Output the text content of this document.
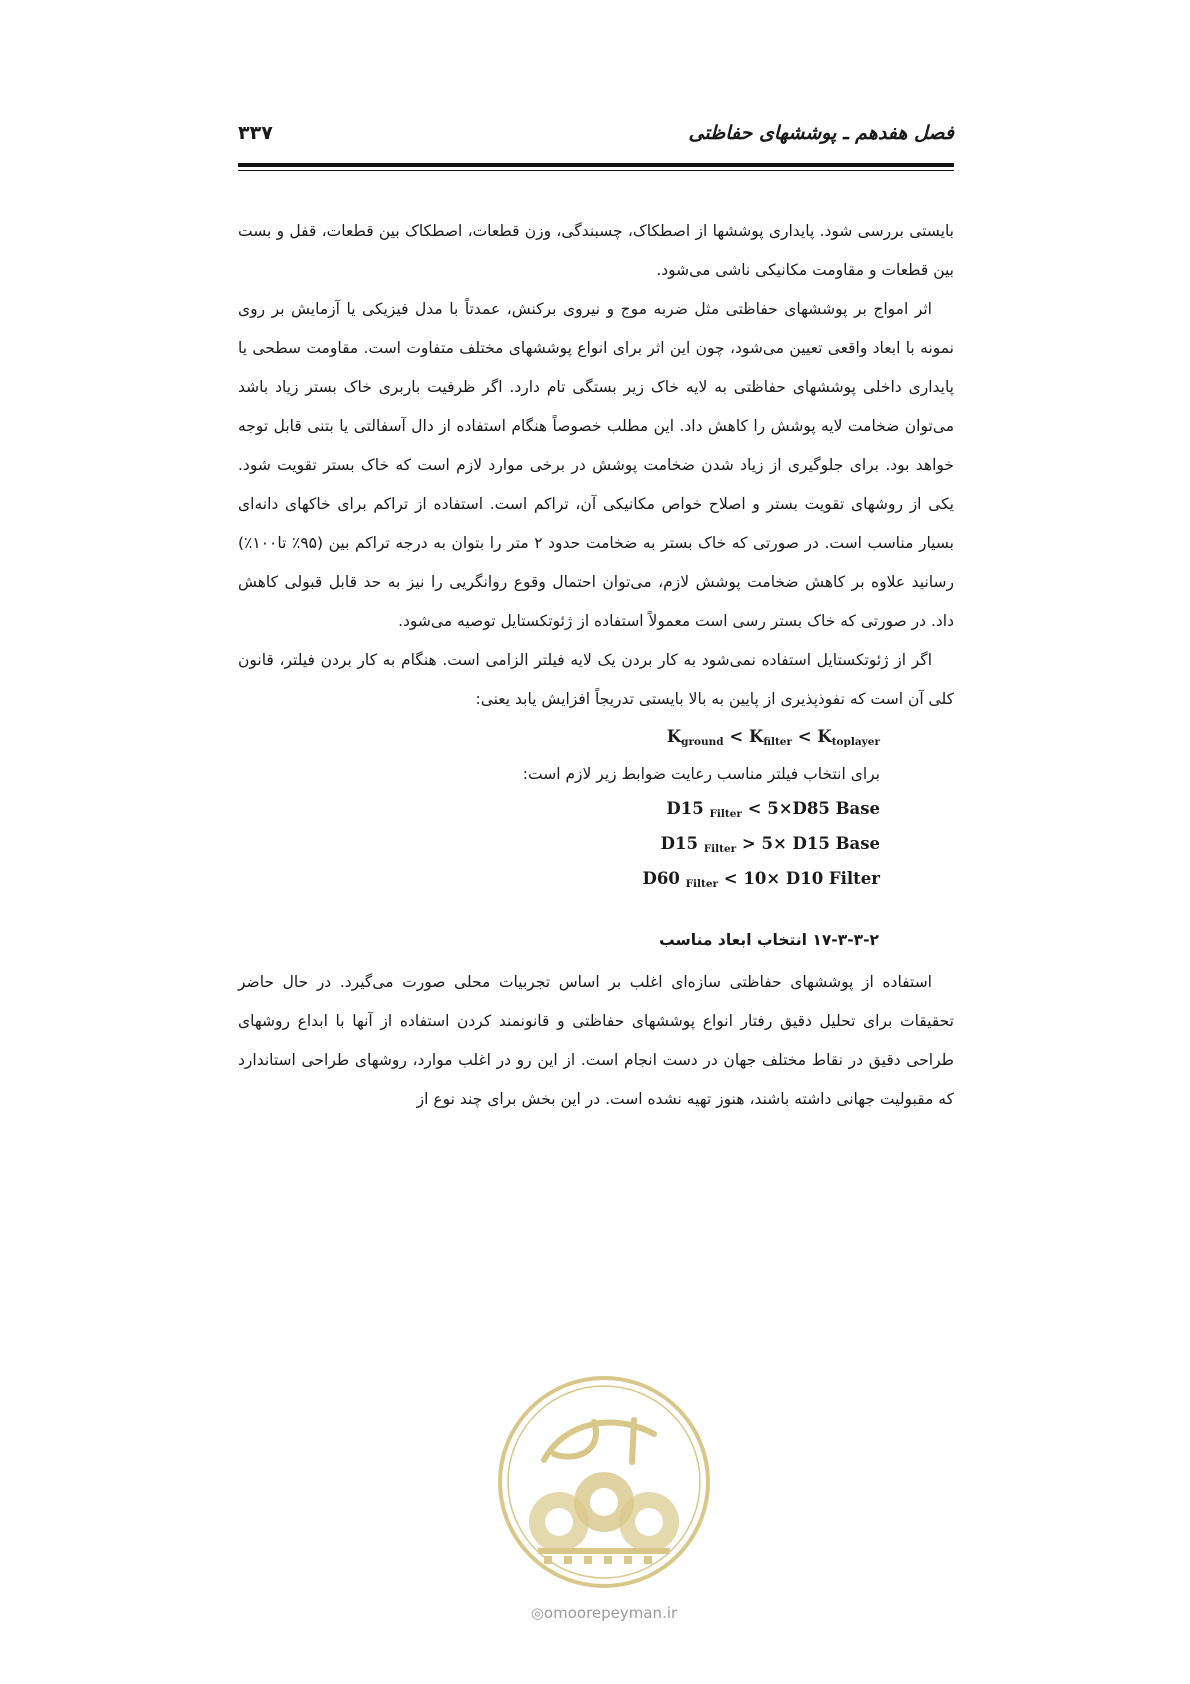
فصل هفدهم ـ پوششهای حفاظتی
۳۳۷

بایستی بررسی شود. پایداری پوششها از اصطکاک، چسبندگی، وزن قطعات، اصطکاک بین قطعات، قفل و بست بین قطعات و مقاومت مکانیکی ناشی می‌شود.

اثر امواج بر پوششهای حفاظتی مثل ضربه موج و نیروی برکنش، عمدتاً با مدل فیزیکی یا آزمایش بر روی نمونه با ابعاد واقعی تعیین می‌شود، چون این اثر برای انواع پوششهای مختلف متفاوت است. مقاومت سطحی یا پایداری داخلی پوششهای حفاظتی به لایه خاک زیر بستگی تام دارد. اگر ظرفیت باربری خاک بستر زیاد باشد می‌توان ضخامت لایه پوشش را کاهش داد. این مطلب خصوصاً هنگام استفاده از دال آسفالتی یا بتنی قابل توجه خواهد بود. برای جلوگیری از زیاد شدن ضخامت پوشش در برخی موارد لازم است که خاک بستر تقویت شود. یکی از روشهای تقویت بستر و اصلاح خواص مکانیکی آن، تراکم است. استفاده از تراکم برای خاکهای دانه‌ای بسیار مناسب است. در صورتی که خاک بستر به ضخامت حدود ۲ متر را بتوان به درجه تراکم بین (۹۵٪ تا۱۰۰٪) رسانید علاوه بر کاهش ضخامت پوشش لازم، می‌توان احتمال وقوع روانگریی را نیز به حد قابل قبولی کاهش داد. در صورتی که خاک بستر رسی است معمولاً استفاده از ژئوتکستایل توصیه می‌شود.

اگر از ژئوتکستایل استفاده نمی‌شود به کار بردن یک لایه فیلتر الزامی است. هنگام به کار بردن فیلتر، قانون کلی آن است که نفوذپذیری از پایین به بالا بایستی تدریجاً افزایش یابد یعنی:

$K_{ground} < K_{filter} < K_{toplayer}$

برای انتخاب فیلتر مناسب رعایت ضوابط زیر لازم است:

D15 $_{Filter}$ < 5×D85 Base
D15 $_{Filter}$ > 5× D15 Base
D60 $_{Filter}$ < 10× D10 Filter
۱۷-۳-۳-۲ انتخاب ابعاد مناسب

استفاده از پوششهای حفاظتی سازه‌ای اغلب بر اساس تجربیات محلی صورت می‌گیرد. در حال حاضر تحقیقات برای تحلیل دقیق رفتار انواع پوششهای حفاظتی و قانونمند کردن استفاده از آنها با ابداع روشهای طراحی دقیق در نقاط مختلف جهان در دست انجام است. از این رو در اغلب موارد، روشهای طراحی استاندارد که مقبولیت جهانی داشته باشند، هنوز تهیه نشده است. در این بخش برای چند نوع از

◎omoorepeyman.ir
